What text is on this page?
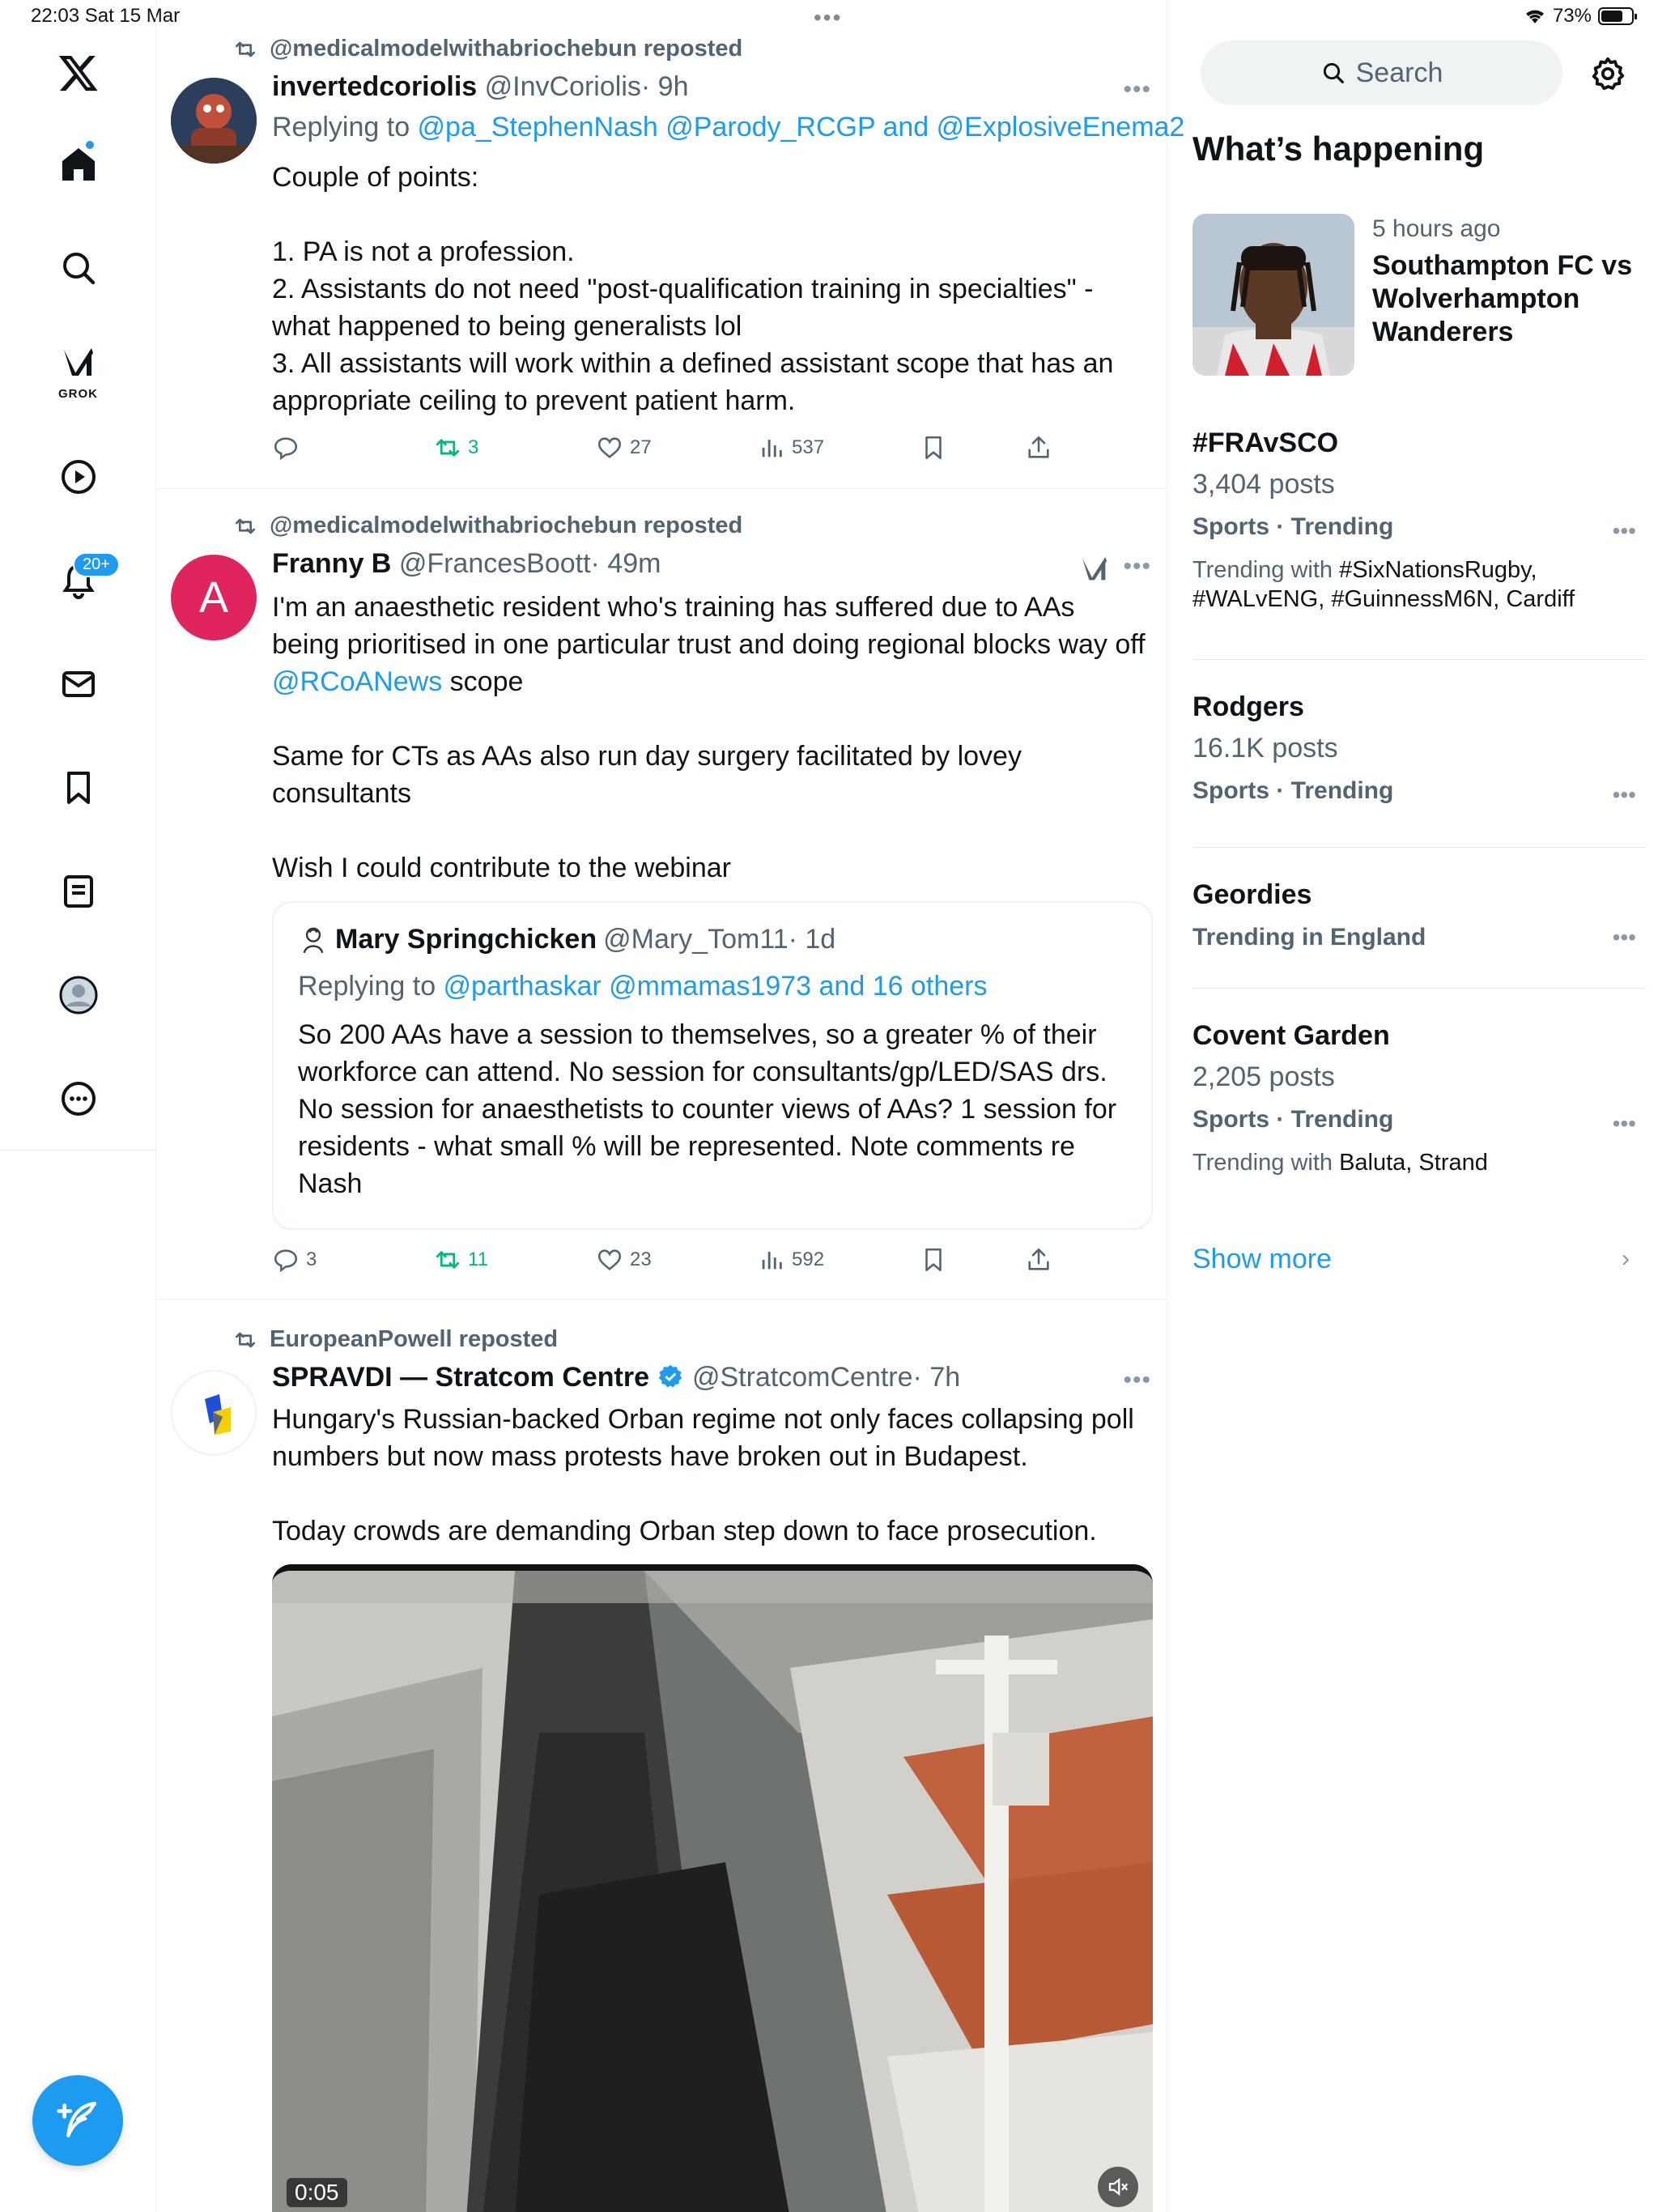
22:03 Sat 15 Mar	•••	73%
GROK
20+
@medicalmodelwithabriochebun reposted
invertedcoriolis @InvCoriolis· 9h	•••
Replying to @pa_StephenNash @Parody_RCGP and @ExplosiveEnema2
Couple of points:

1. PA is not a profession.
2. Assistants do not need "post-qualification training in specialties" - what happened to being generalists lol
3. All assistants will work within a defined assistant scope that has an appropriate ceiling to prevent patient harm.
3	27	537
@medicalmodelwithabriochebun reposted
A
Franny B @FrancesBoott· 49m	•••
I'm an anaesthetic resident who's training has suffered due to AAs being prioritised in one particular trust and doing regional blocks way off @RCoANews scope

Same for CTs as AAs also run day surgery facilitated by lovey consultants

Wish I could contribute to the webinar
Mary Springchicken @Mary_Tom11· 1d
Replying to @parthaskar @mmamas1973 and 16 others
So 200 AAs have a session to themselves, so a greater % of their workforce can attend. No session for consultants/gp/LED/SAS drs. No session for anaesthetists to counter views of AAs? 1 session for residents - what small % will be represented. Note comments re Nash
3	11	23	592
EuropeanPowell reposted
SPRAVDI — Stratcom Centre @StratcomCentre· 7h	•••
Hungary's Russian-backed Orban regime not only faces collapsing poll numbers but now mass protests have broken out in Budapest.

Today crowds are demanding Orban step down to face prosecution.
0:05
Search
What’s happening
5 hours ago
Southampton FC vs Wolverhampton Wanderers
#FRAvSCO
3,404 posts
Sports · Trending
Trending with #SixNationsRugby, #WALvENG, #GuinnessM6N, Cardiff
•••
Rodgers
16.1K posts
Sports · Trending	•••
Geordies
Trending in England	•••
Covent Garden
2,205 posts
Sports · Trending
Trending with Baluta, Strand
•••
Show more	›
